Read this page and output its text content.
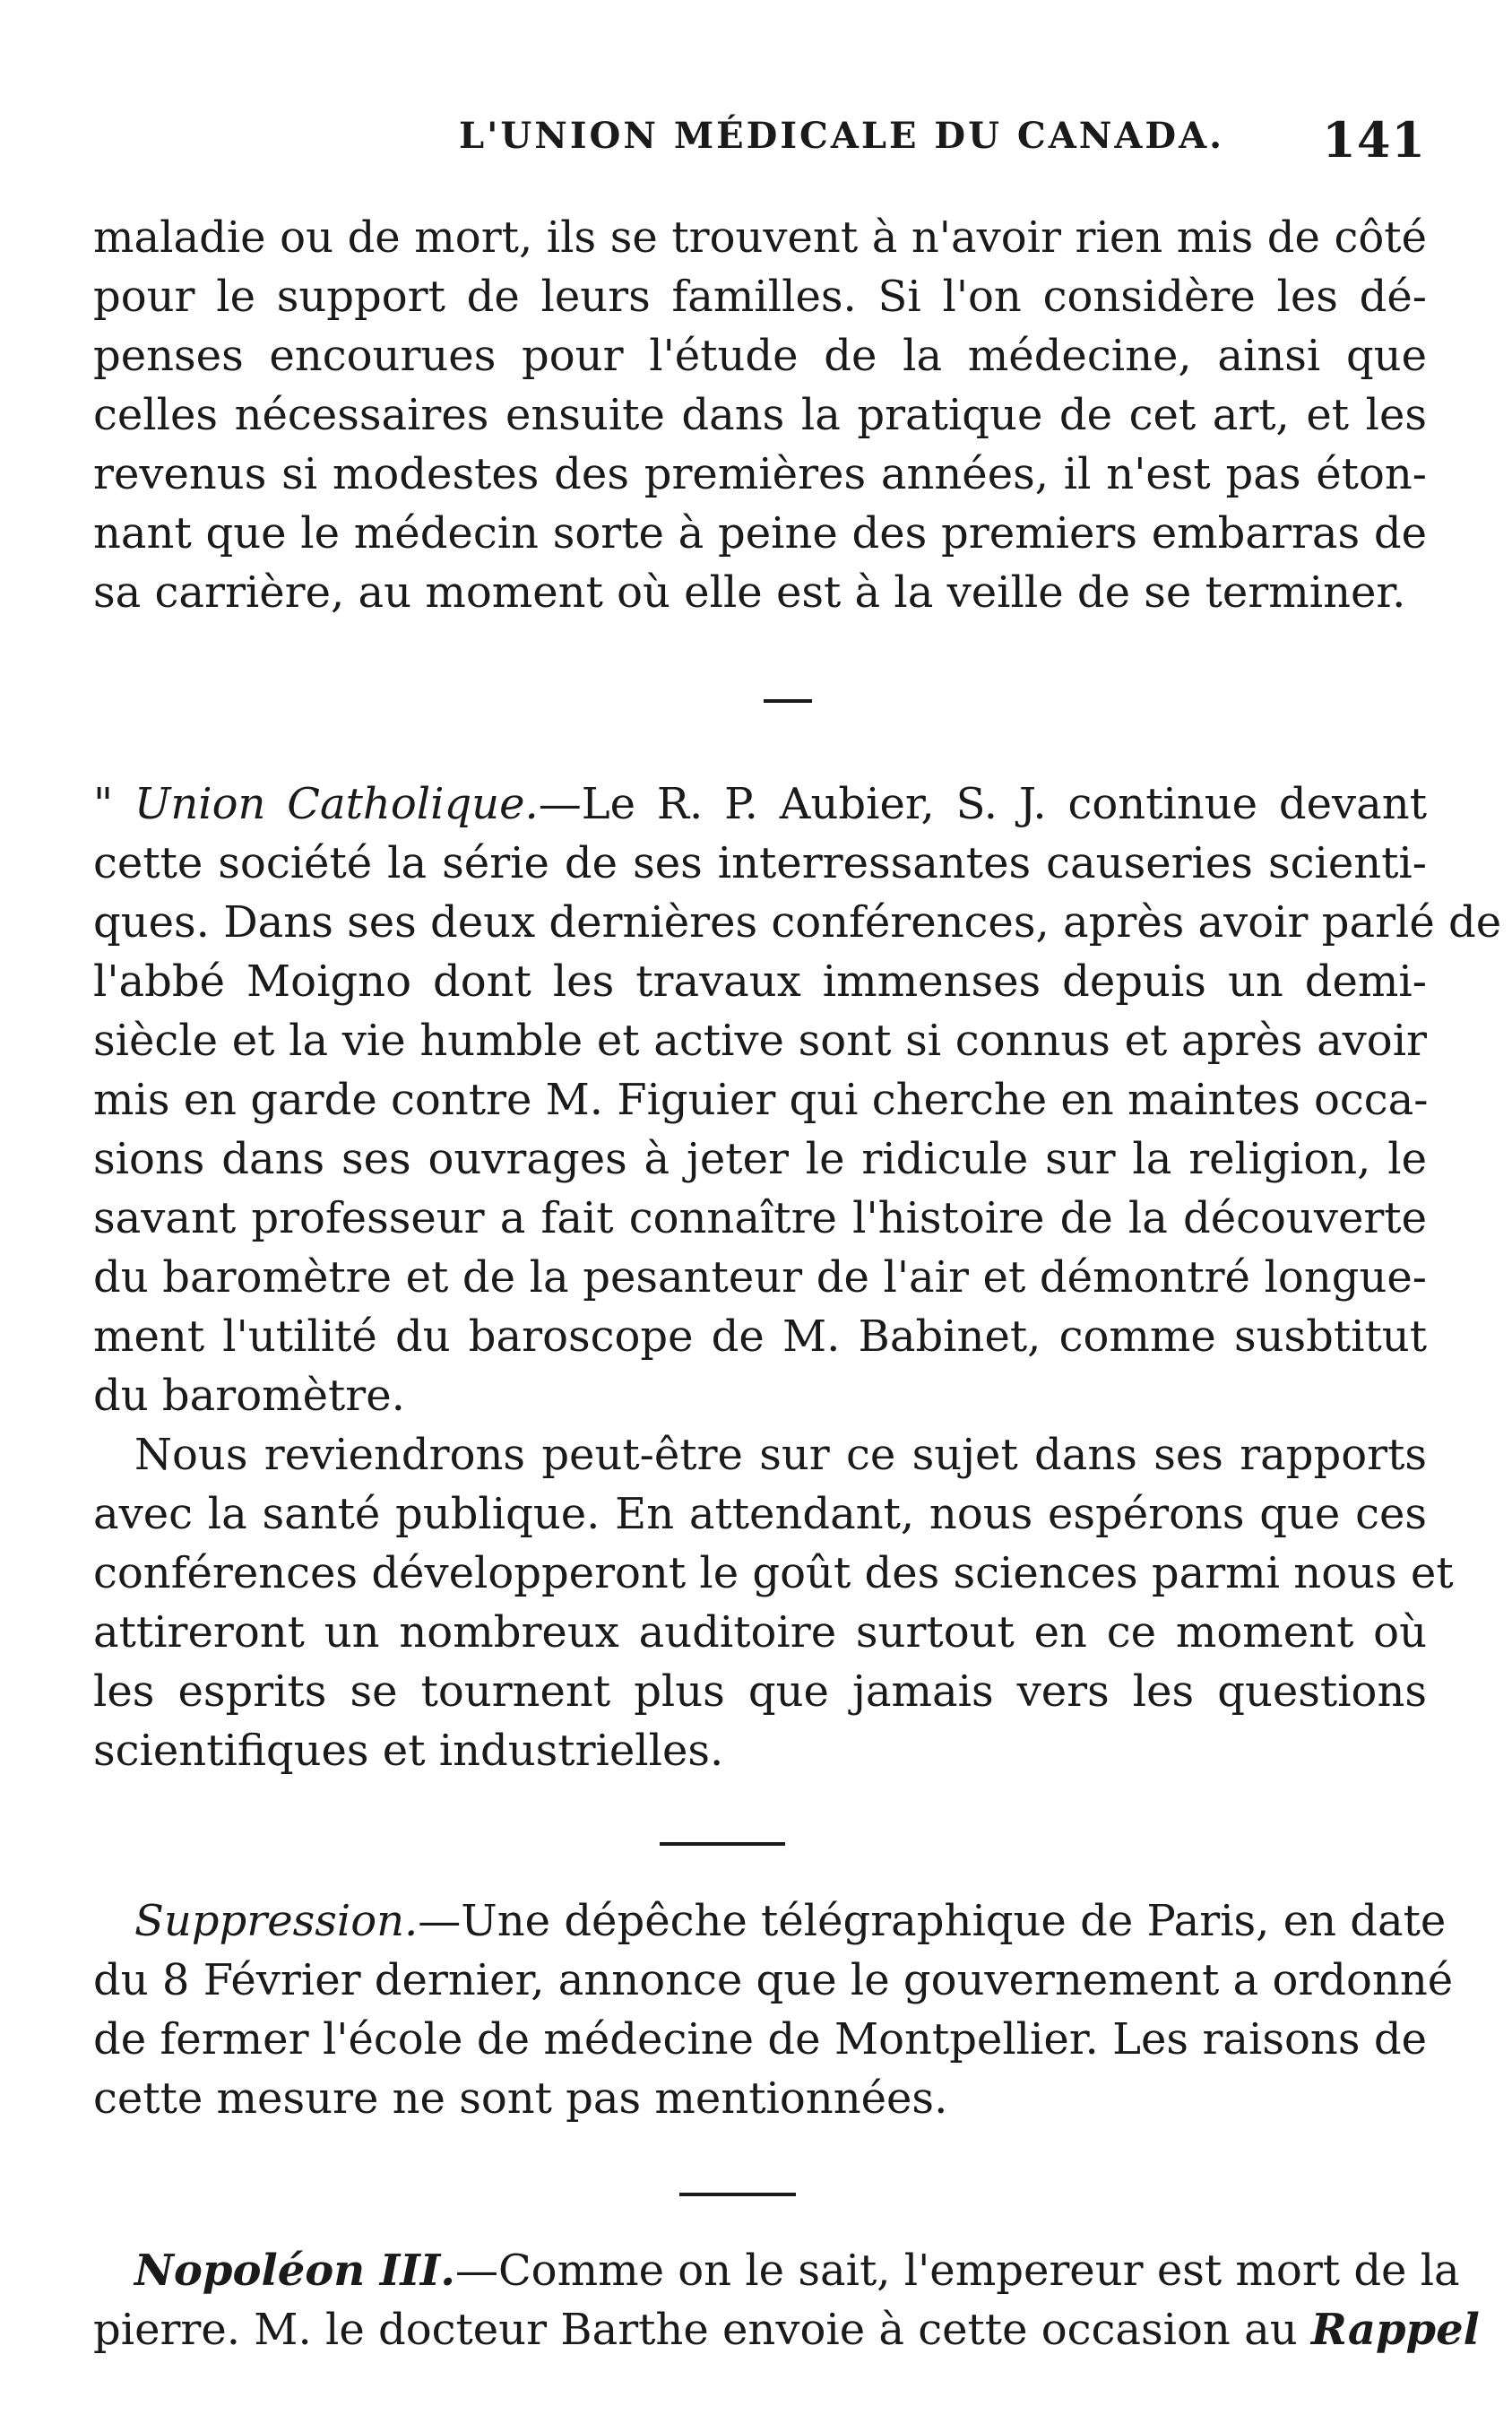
L'UNION MÉDICALE DU CANADA. 141
maladie ou de mort, ils se trouvent à n'avoir rien mis de côté
pour le support de leurs familles. Si l'on considère les dé-
penses encourues pour l'étude de la médecine, ainsi que
celles nécessaires ensuite dans la pratique de cet art, et les
revenus si modestes des premières années, il n'est pas éton-
nant que le médecin sorte à peine des premiers embarras de
sa carrière, au moment où elle est à la veille de se terminer.
" Union Catholique.—Le R. P. Aubier, S. J. continue devant
cette société la série de ses interressantes causeries scienti-
ques. Dans ses deux dernières conférences, après avoir parlé de
l'abbé Moigno dont les travaux immenses depuis un demi-
siècle et la vie humble et active sont si connus et après avoir
mis en garde contre M. Figuier qui cherche en maintes occa-
sions dans ses ouvrages à jeter le ridicule sur la religion, le
savant professeur a fait connaître l'histoire de la découverte
du baromètre et de la pesanteur de l'air et démontré longue-
ment l'utilité du baroscope de M. Babinet, comme susbtitut
du baromètre.
Nous reviendrons peut-être sur ce sujet dans ses rapports
avec la santé publique. En attendant, nous espérons que ces
conférences développeront le goût des sciences parmi nous et
attireront un nombreux auditoire surtout en ce moment où
les esprits se tournent plus que jamais vers les questions
scientifiques et industrielles.
Suppression.—Une dépêche télégraphique de Paris, en date
du 8 Février dernier, annonce que le gouvernement a ordonné
de fermer l'école de médecine de Montpellier. Les raisons de
cette mesure ne sont pas mentionnées.
Nopoléon III.—Comme on le sait, l'empereur est mort de la
pierre. M. le docteur Barthe envoie à cette occasion au Rappel
